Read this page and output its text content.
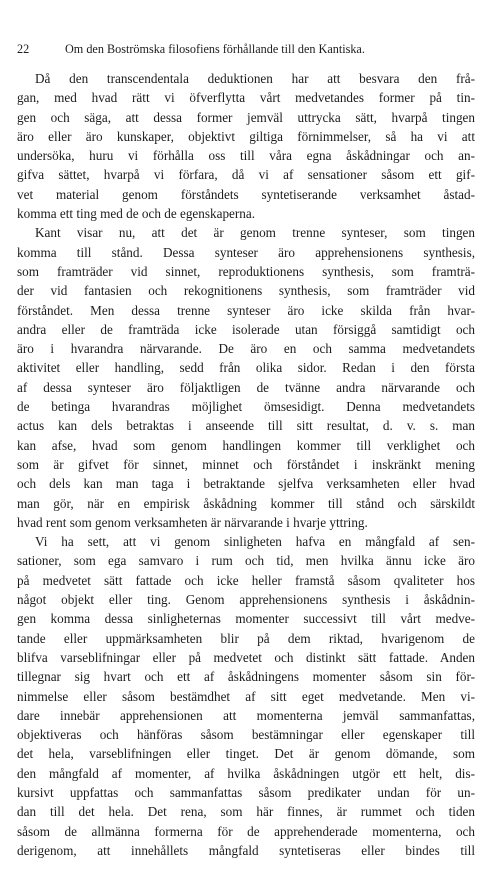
22	Om den Boströmska filosofiens förhållande till den Kantiska.
Då den transcendentala deduktionen har att besvara den frå-
gan, med hvad rätt vi öfverflytta vårt medvetandes former på tin-
gen och säga, att dessa former jemväl uttrycka sätt, hvarpå tingen
äro eller äro kunskaper, objektivt giltiga förnimmelser, så ha vi att
undersöka, huru vi förhålla oss till våra egna åskådningar och an-
gifva sättet, hvarpå vi förfara, då vi af sensationer såsom ett gif-
vet material genom förståndets syntetiserande verksamhet åstad-
komma ett ting med de och de egenskaperna.
Kant visar nu, att det är genom trenne synteser, som tingen
komma till stånd. Dessa synteser äro apprehensionens synthesis,
som framträder vid sinnet, reproduktionens synthesis, som framträ-
der vid fantasien och rekognitionens synthesis, som framträder vid
förståndet. Men dessa trenne synteser äro icke skilda från hvar-
andra eller de framträda icke isolerade utan försiggå samtidigt och
äro i hvarandra närvarande. De äro en och samma medvetandets
aktivitet eller handling, sedd från olika sidor. Redan i den första
af dessa synteser äro följaktligen de tvänne andra närvarande och
de betinga hvarandras möjlighet ömsesidigt. Denna medvetandets
actus kan dels betraktas i anseende till sitt resultat, d. v. s. man
kan afse, hvad som genom handlingen kommer till verklighet och
som är gifvet för sinnet, minnet och förståndet i inskränkt mening
och dels kan man taga i betraktande sjelfva verksamheten eller hvad
man gör, när en empirisk åskådning kommer till stånd och särskildt
hvad rent som genom verksamheten är närvarande i hvarje yttring.
Vi ha sett, att vi genom sinligheten hafva en mångfald af sen-
sationer, som ega samvaro i rum och tid, men hvilka ännu icke äro
på medvetet sätt fattade och icke heller framstå såsom qvaliteter hos
något objekt eller ting. Genom apprehensionens synthesis i åskådnin-
gen komma dessa sinligheternas momenter successivt till vårt medve-
tande eller uppmärksamheten blir på dem riktad, hvarigenom de
blifva varseblifningar eller på medvetet och distinkt sätt fattade. Anden
tillegnar sig hvart och ett af åskådningens momenter såsom sin för-
nimmelse eller såsom bestämdhet af sitt eget medvetande. Men vi-
dare innebär apprehensionen att momenterna jemväl sammanfattas,
objektiveras och hänföras såsom bestämningar eller egenskaper till
det hela, varseblifningen eller tinget. Det är genom dömande, som
den mångfald af momenter, af hvilka åskådningen utgör ett helt, dis-
kursivt uppfattas och sammanfattas såsom predikater undan för un-
dan till det hela. Det rena, som här finnes, är rummet och tiden
såsom de allmänna formerna för de apprehenderade momenterna, och
derigenom, att innehållets mångfald syntetiseras eller bindes till
